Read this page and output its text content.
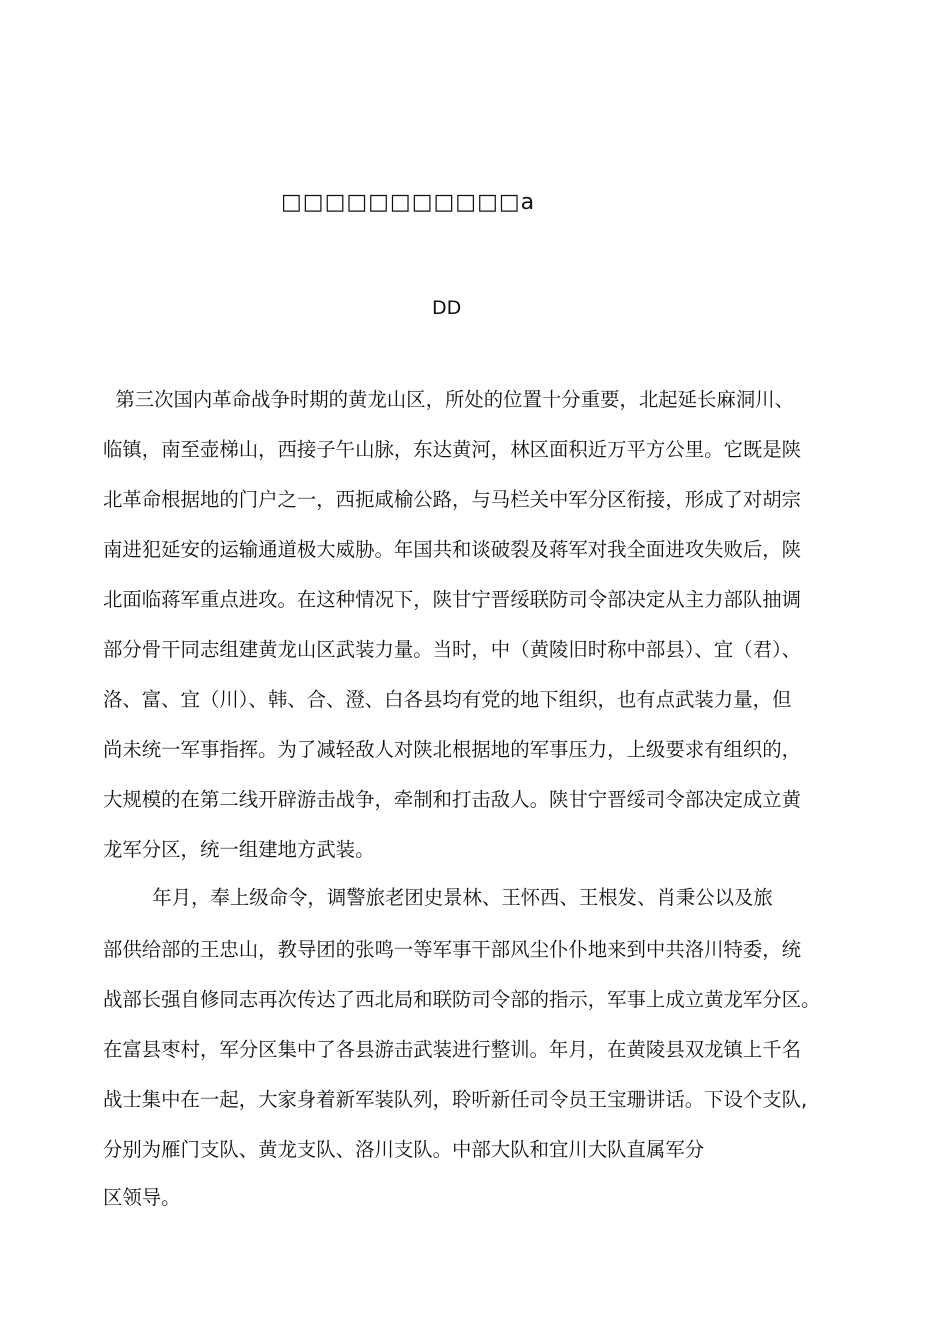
□□□□□□□□□□□a
DD
第三次国内革命战争时期的黄龙山区，所处的位置十分重要，北起延长麻洞川、
临镇，南至壶梯山，西接子午山脉，东达黄河，林区面积近万平方公里。它既是陕
北革命根据地的门户之一，西扼咸榆公路，与马栏关中军分区衔接，形成了对胡宗
南进犯延安的运输通道极大威胁。年国共和谈破裂及蒋军对我全面进攻失败后，陕
北面临蒋军重点进攻。在这种情况下，陕甘宁晋绥联防司令部决定从主力部队抽调
部分骨干同志组建黄龙山区武装力量。当时，中（黄陵旧时称中部县）、宜（君）、
洛、富、宜（川）、韩、合、澄、白各县均有党的地下组织，也有点武装力量，但
尚未统一军事指挥。为了减轻敌人对陕北根据地的军事压力，上级要求有组织的，
大规模的在第二线开辟游击战争，牵制和打击敌人。陕甘宁晋绥司令部决定成立黄
龙军分区，统一组建地方武装。
年月，奉上级命令，调警旅老团史景林、王怀西、王根发、肖秉公以及旅
部供给部的王忠山，教导团的张鸣一等军事干部风尘仆仆地来到中共洛川特委，统
战部长强自修同志再次传达了西北局和联防司令部的指示，军事上成立黄龙军分区。
在富县枣村，军分区集中了各县游击武装进行整训。年月，在黄陵县双龙镇上千名
战士集中在一起，大家身着新军装队列，聆听新任司令员王宝珊讲话。下设个支队,
分别为雁门支队、黄龙支队、洛川支队。中部大队和宜川大队直属军分
区领导。
